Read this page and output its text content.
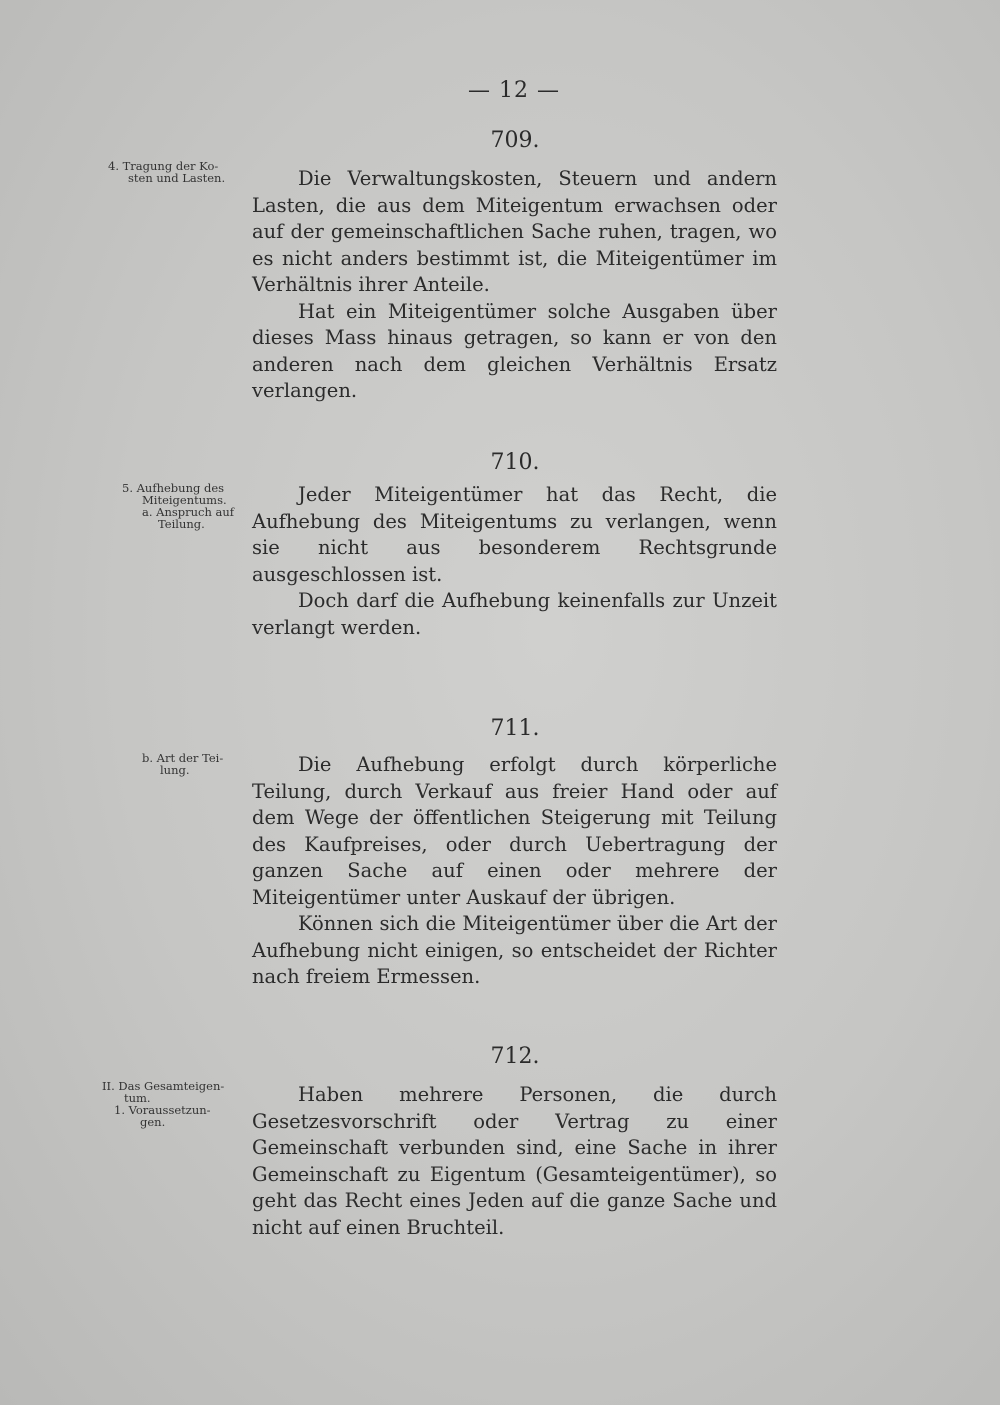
— 12 —
709.
4. Tragung der Ko-
sten und Lasten.	Die Verwaltungskosten, Steuern und andern Lasten, die aus dem Miteigentum erwachsen oder auf der gemeinschaftlichen Sache ruhen, tragen, wo es nicht anders bestimmt ist, die Miteigentümer im Verhältnis ihrer Anteile.

Hat ein Miteigentümer solche Ausgaben über dieses Mass hinaus getragen, so kann er von den anderen nach dem gleichen Verhältnis Ersatz verlangen.

710.
5. Aufhebung des
Miteigentums.
a. Anspruch auf
Teilung.

Jeder Miteigentümer hat das Recht, die Aufhebung des Miteigentums zu verlangen, wenn sie nicht aus besonderem Rechtsgrunde ausgeschlossen ist.

Doch darf die Aufhebung keinenfalls zur Unzeit verlangt werden.

711.
b. Art der Tei-
lung.	Die Aufhebung erfolgt durch körperliche Teilung, durch Verkauf aus freier Hand oder auf dem Wege der öffentlichen Steigerung mit Teilung des Kaufpreises, oder durch Uebertragung der ganzen Sache auf einen oder mehrere der Miteigentümer unter Auskauf der übrigen.

Können sich die Miteigentümer über die Art der Aufhebung nicht einigen, so entscheidet der Richter nach freiem Ermessen.

712.
II. Das Gesamteigen-
tum.
1. Voraussetzun-
gen.

Haben mehrere Personen, die durch Gesetzesvorschrift oder Vertrag zu einer Gemeinschaft verbunden sind, eine Sache in ihrer Gemeinschaft zu Eigentum (Gesamteigentümer), so geht das Recht eines Jeden auf die ganze Sache und nicht auf einen Bruchteil.
